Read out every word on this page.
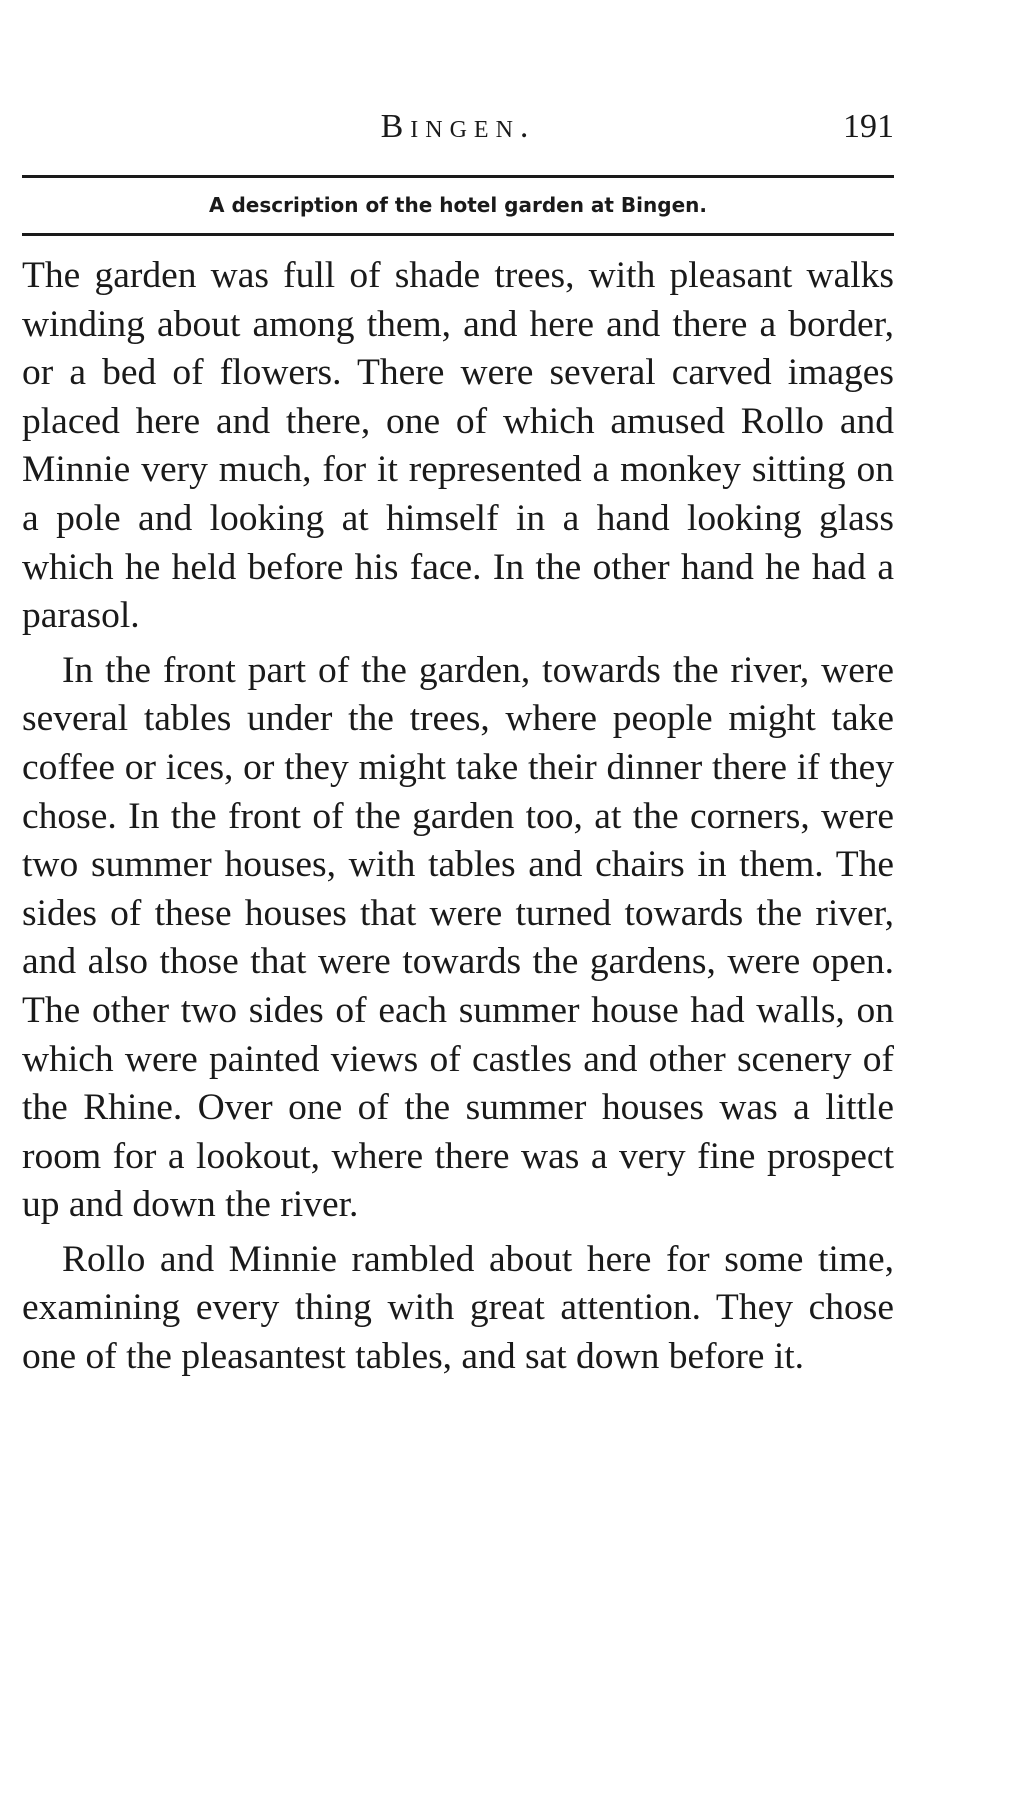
Bingen.	191
A description of the hotel garden at Bingen.

The garden was full of shade trees, with pleasant walks winding about among them, and here and there a border, or a bed of flowers. There were several carved images placed here and there, one of which amused Rollo and Minnie very much, for it represented a monkey sitting on a pole and looking at himself in a hand looking glass which he held before his face. In the other hand he had a parasol.

In the front part of the garden, towards the river, were several tables under the trees, where people might take coffee or ices, or they might take their dinner there if they chose. In the front of the garden too, at the corners, were two summer houses, with tables and chairs in them. The sides of these houses that were turned towards the river, and also those that were towards the gardens, were open. The other two sides of each summer house had walls, on which were painted views of castles and other scenery of the Rhine. Over one of the summer houses was a little room for a lookout, where there was a very fine prospect up and down the river.

Rollo and Minnie rambled about here for some time, examining every thing with great attention. They chose one of the pleasantest tables, and sat down before it.
